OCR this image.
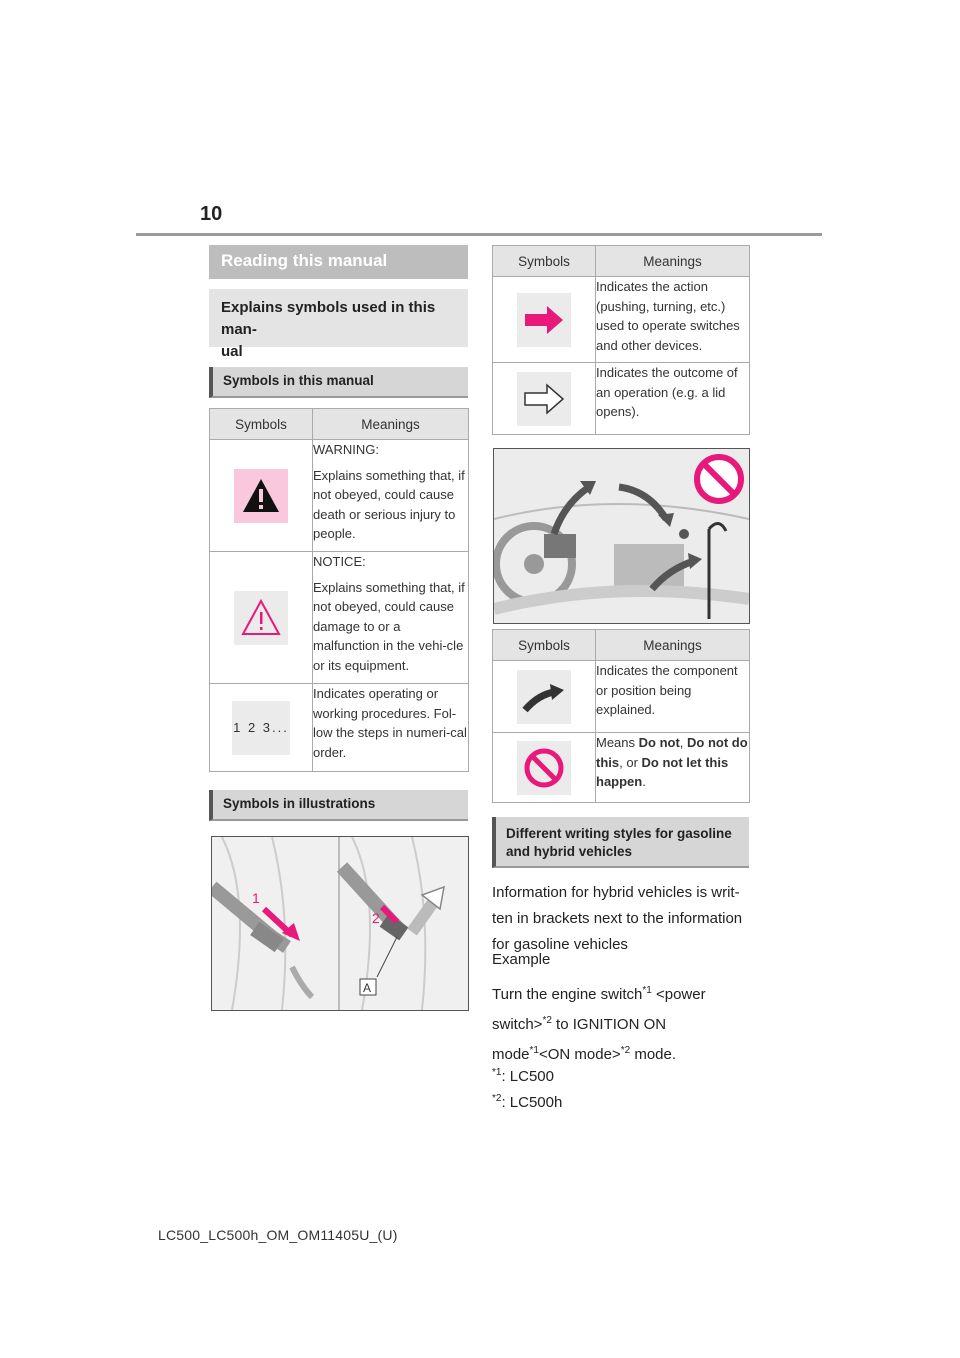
10
Reading this manual
Explains symbols used in this man-
ual
Symbols in this manual
Symbols	Meanings

WARNING:

Explains something that, if not obeyed, could cause death or serious injury to people.

NOTICE:

Explains something that, if not obeyed, could cause damage to or a malfunction in the vehi-cle or its equipment.

1 2 3...	Indicates operating or working procedures. Fol-low the steps in numeri-cal order.

Symbols in illustrations
1
2
A
Symbols	Meanings

Indicates the action (pushing, turning, etc.) used to operate switches and other devices.

Indicates the outcome of an operation (e.g. a lid opens).

Symbols	Meanings

Indicates the component or position being explained.

Means Do not, Do not do this, or Do not let this happen.

Different writing styles for gasoline and hybrid vehicles
Information for hybrid vehicles is writ-ten in brackets next to the information for gasoline vehicles
Example
Turn the engine switch$^{*1}$ <power switch>$^{*2}$ to IGNITION ON mode$^{*1}$<ON mode>$^{*2}$ mode.
$^{*1}$: LC500
$^{*2}$: LC500h
LC500_LC500h_OM_OM11405U_(U)
